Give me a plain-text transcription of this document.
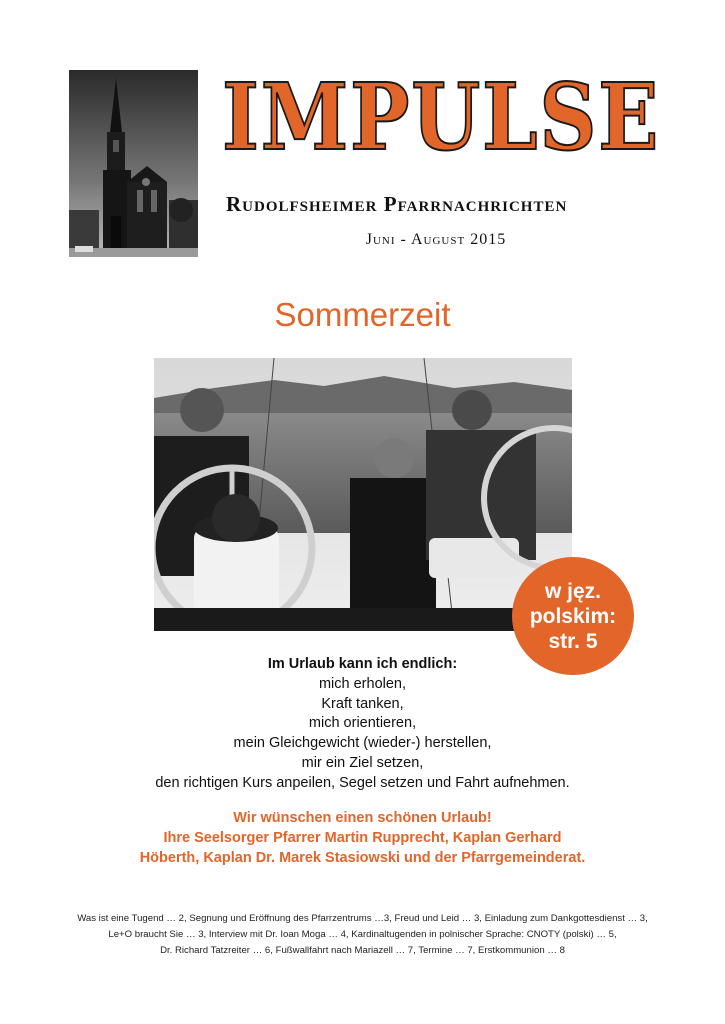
IMPULSE
Rudolfsheimer Pfarrnachrichten
Juni - August 2015
Sommerzeit
w jęz.
polskim:
str. 5
Im Urlaub kann ich endlich:
mich erholen,
Kraft tanken,
mich orientieren,
mein Gleichgewicht (wieder-) herstellen,
mir ein Ziel setzen,
den richtigen Kurs anpeilen, Segel setzen und Fahrt aufnehmen.
Wir wünschen einen schönen Urlaub!
Ihre Seelsorger Pfarrer Martin Rupprecht, Kaplan Gerhard
Höberth, Kaplan Dr. Marek Stasiowski und der Pfarrgemeinderat.
Was ist eine Tugend … 2, Segnung und Eröffnung des Pfarrzentrums …3, Freud und Leid … 3, Einladung zum Dankgottesdienst … 3,
Le+O braucht Sie … 3, Interview mit Dr. Ioan Moga … 4, Kardinaltugenden in polnischer Sprache: CNOTY (polski) … 5,
Dr. Richard Tatzreiter … 6, Fußwallfahrt nach Mariazell … 7, Termine … 7, Erstkommunion … 8
